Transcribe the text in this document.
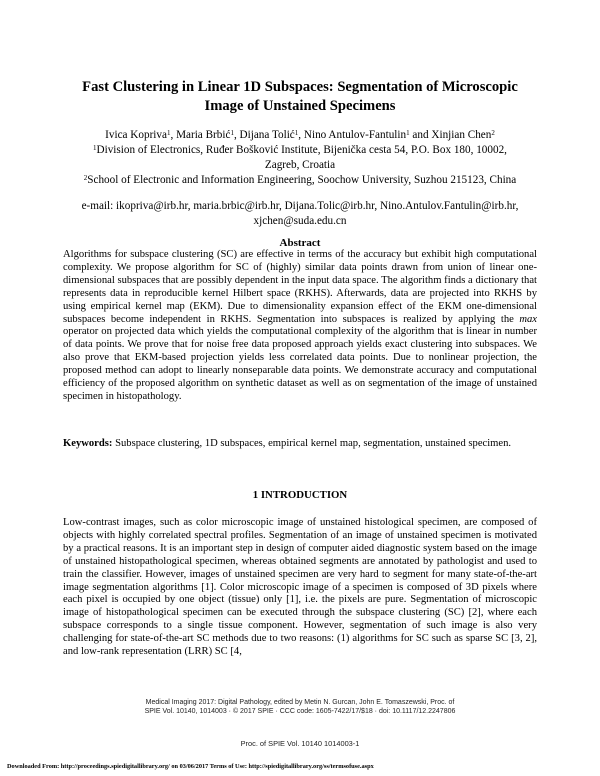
Fast Clustering in Linear 1D Subspaces: Segmentation of Microscopic
Image of Unstained Specimens
Ivica Kopriva$^1$, Maria Brbić$^1$, Dijana Tolić$^1$, Nino Antulov-Fantulin$^1$ and Xinjian Chen$^2$
$^1$Division of Electronics, Ruđer Bošković Institute, Bijenička cesta 54, P.O. Box 180, 10002,
Zagreb, Croatia
$^2$School of Electronic and Information Engineering, Soochow University, Suzhou 215123, China
e-mail: ikopriva@irb.hr, maria.brbic@irb.hr, Dijana.Tolic@irb.hr, Nino.Antulov.Fantulin@irb.hr,
xjchen@suda.edu.cn
Abstract
Algorithms for subspace clustering (SC) are effective in terms of the accuracy but exhibit high computational complexity. We propose algorithm for SC of (highly) similar data points drawn from union of linear one-dimensional subspaces that are possibly dependent in the input data space. The algorithm finds a dictionary that represents data in reproducible kernel Hilbert space (RKHS). Afterwards, data are projected into RKHS by using empirical kernel map (EKM). Due to dimensionality expansion effect of the EKM one-dimensional subspaces become independent in RKHS. Segmentation into subspaces is realized by applying the max operator on projected data which yields the computational complexity of the algorithm that is linear in number of data points. We prove that for noise free data proposed approach yields exact clustering into subspaces. We also prove that EKM-based projection yields less correlated data points. Due to nonlinear projection, the proposed method can adopt to linearly nonseparable data points. We demonstrate accuracy and computational efficiency of the proposed algorithm on synthetic dataset as well as on segmentation of the image of unstained specimen in histopathology.
Keywords: Subspace clustering, 1D subspaces, empirical kernel map, segmentation, unstained specimen.
1 INTRODUCTION
Low-contrast images, such as color microscopic image of unstained histological specimen, are composed of objects with highly correlated spectral profiles. Segmentation of an image of unstained specimen is motivated by a practical reasons. It is an important step in design of computer aided diagnostic system based on the image of unstained histopathological specimen, whereas obtained segments are annotated by pathologist and used to train the classifier. However, images of unstained specimen are very hard to segment for many state-of-the-art image segmentation algorithms [1]. Color microscopic image of a specimen is composed of 3D pixels where each pixel is occupied by one object (tissue) only [1], i.e. the pixels are pure. Segmentation of microscopic image of histopathological specimen can be executed through the subspace clustering (SC) [2], where each subspace corresponds to a single tissue component. However, segmentation of such image is also very challenging for state-of-the-art SC methods due to two reasons: (1) algorithms for SC such as sparse SC [3, 2], and low-rank representation (LRR) SC [4,
Medical Imaging 2017: Digital Pathology, edited by Metin N. Gurcan, John E. Tomaszewski, Proc. of
SPIE Vol. 10140, 1014003 · © 2017 SPIE · CCC code: 1605-7422/17/$18 · doi: 10.1117/12.2247806
Proc. of SPIE Vol. 10140 1014003-1
Downloaded From: http://proceedings.spiedigitallibrary.org/ on 03/06/2017 Terms of Use: http://spiedigitallibrary.org/ss/termsofuse.aspx
